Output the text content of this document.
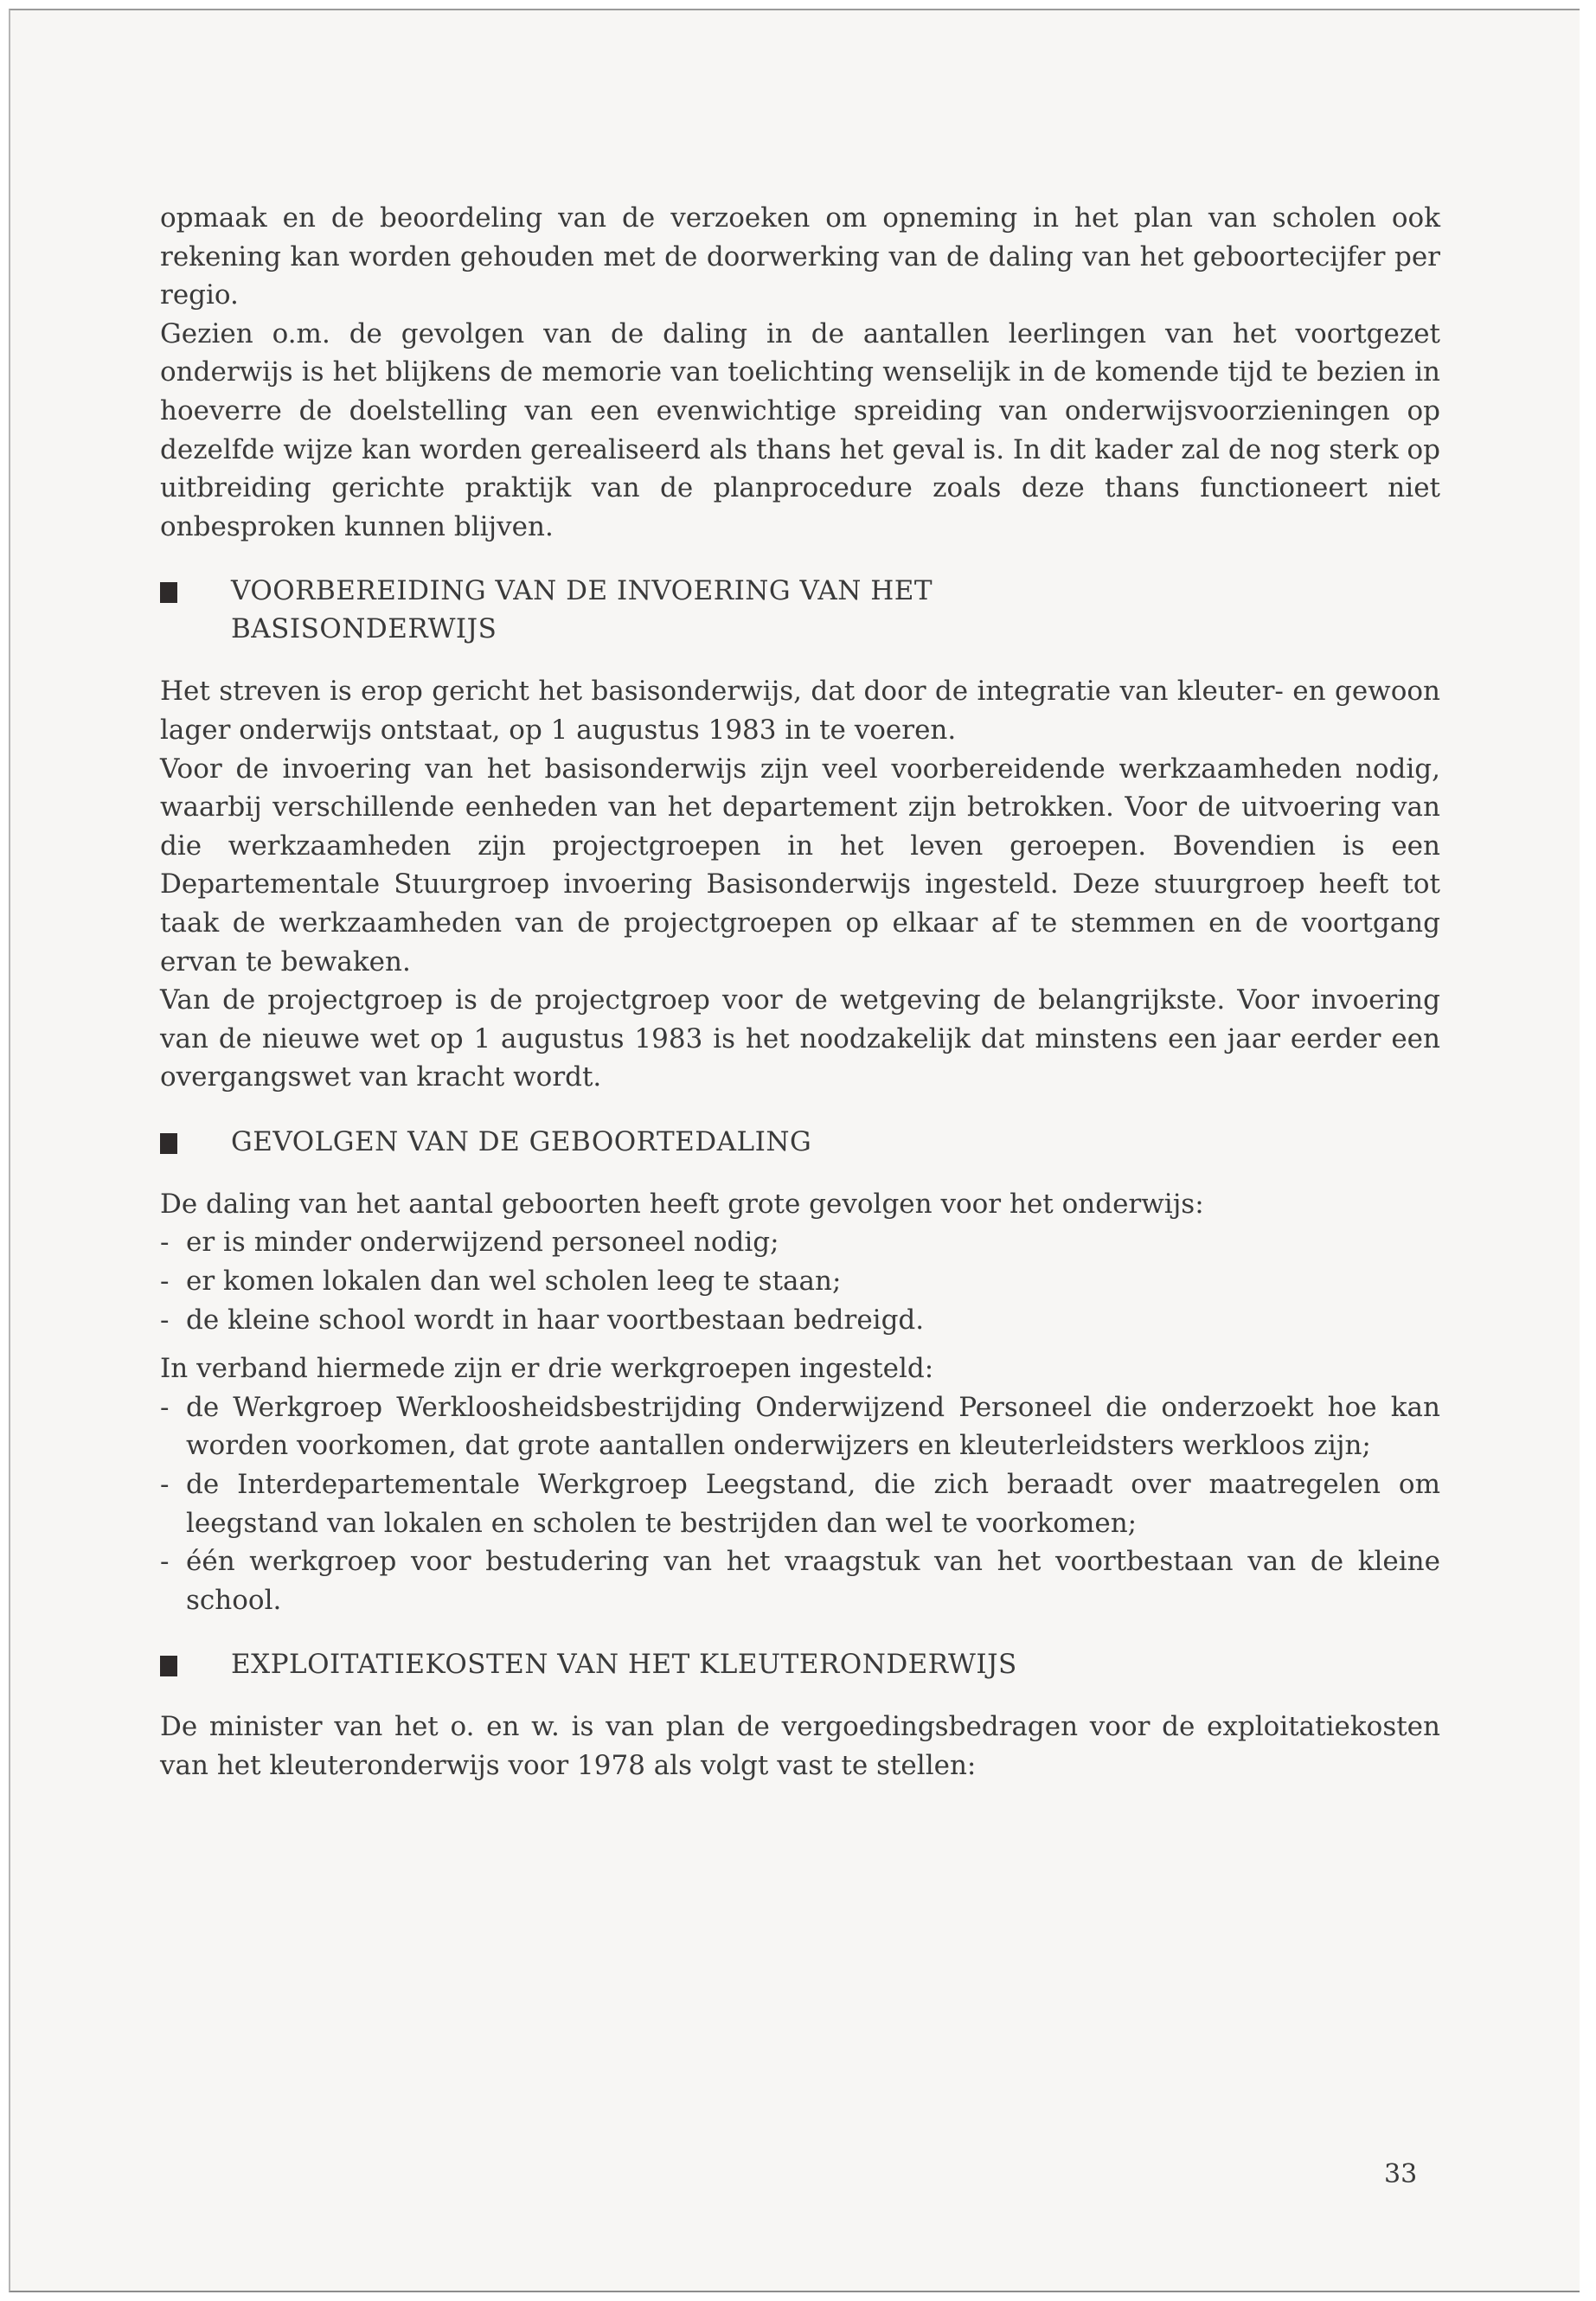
opmaak en de beoordeling van de verzoeken om opneming in het plan van scholen ook rekening kan worden gehouden met de doorwerking van de daling van het geboortecijfer per regio.

Gezien o.m. de gevolgen van de daling in de aantallen leerlingen van het voortgezet onderwijs is het blijkens de memorie van toelichting wenselijk in de komende tijd te bezien in hoeverre de doelstelling van een evenwichtige spreiding van onderwijsvoorzieningen op dezelfde wijze kan worden gerealiseerd als thans het geval is. In dit kader zal de nog sterk op uitbreiding gerichte praktijk van de planprocedure zoals deze thans functioneert niet onbesproken kunnen blijven.

VOORBEREIDING VAN DE INVOERING VAN HET
BASISONDERWIJS

Het streven is erop gericht het basisonderwijs, dat door de integratie van kleuter- en gewoon lager onderwijs ontstaat, op 1 augustus 1983 in te voeren.

Voor de invoering van het basisonderwijs zijn veel voorbereidende werkzaamheden nodig, waarbij verschillende eenheden van het departement zijn betrokken. Voor de uitvoering van die werkzaamheden zijn projectgroepen in het leven geroepen. Bovendien is een Departementale Stuurgroep invoering Basisonderwijs ingesteld. Deze stuurgroep heeft tot taak de werkzaamheden van de projectgroepen op elkaar af te stemmen en de voortgang ervan te bewaken.

Van de projectgroep is de projectgroep voor de wetgeving de belangrijkste. Voor invoering van de nieuwe wet op 1 augustus 1983 is het noodzakelijk dat minstens een jaar eerder een overgangswet van kracht wordt.

GEVOLGEN VAN DE GEBOORTEDALING

De daling van het aantal geboorten heeft grote gevolgen voor het onderwijs:

- er is minder onderwijzend personeel nodig;
- er komen lokalen dan wel scholen leeg te staan;
- de kleine school wordt in haar voortbestaan bedreigd.

In verband hiermede zijn er drie werkgroepen ingesteld:

- de Werkgroep Werkloosheidsbestrijding Onderwijzend Personeel die onderzoekt hoe kan worden voorkomen, dat grote aantallen onderwijzers en kleuterleidsters werkloos zijn;
- de Interdepartementale Werkgroep Leegstand, die zich beraadt over maatregelen om leegstand van lokalen en scholen te bestrijden dan wel te voorkomen;
- één werkgroep voor bestudering van het vraagstuk van het voortbestaan van de kleine school.
EXPLOITATIEKOSTEN VAN HET KLEUTERONDERWIJS

De minister van het o. en w. is van plan de vergoedingsbedragen voor de exploitatiekosten van het kleuteronderwijs voor 1978 als volgt vast te stellen:

33
